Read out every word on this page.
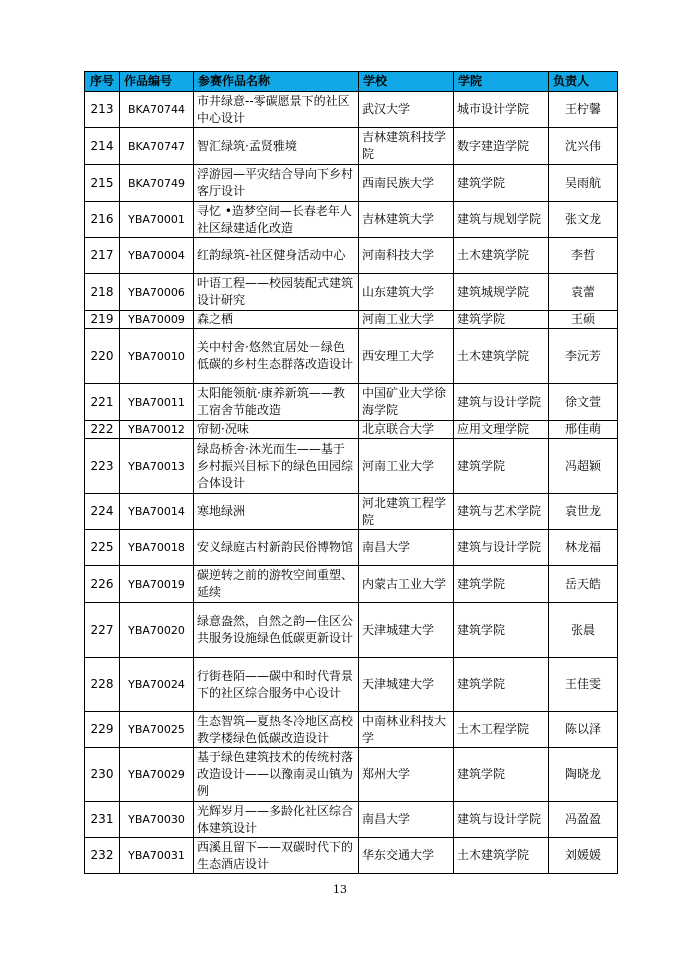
序号	作品编号	参赛作品名称	学校	学院	负责人
213	BKA70744	市井绿意--零碳愿景下的社区中心设计	武汉大学	城市设计学院	王柠馨
214	BKA70747	智汇绿筑·孟贤雅境	吉林建筑科技学院	数字建造学院	沈兴伟
215	BKA70749	浮游园—平灾结合导向下乡村客厅设计	西南民族大学	建筑学院	吴雨航
216	YBA70001	寻忆 •造梦空间—长春老年人社区绿建适化改造	吉林建筑大学	建筑与规划学院	张文龙
217	YBA70004	红韵绿筑-社区健身活动中心	河南科技大学	土木建筑学院	李哲
218	YBA70006	叶语工程——校园装配式建筑设计研究	山东建筑大学	建筑城规学院	袁蕾
219	YBA70009	森之栖	河南工业大学	建筑学院	王硕
220	YBA70010	关中村舍·悠然宜居处－绿色低碳的乡村生态群落改造设计	西安理工大学	土木建筑学院	李沅芳
221	YBA70011	太阳能领航·康养新筑——教工宿舍节能改造	中国矿业大学徐海学院	建筑与设计学院	徐文萱
222	YBA70012	帘韧·况味	北京联合大学	应用文理学院	邢佳萌
223	YBA70013	绿岛桥舍·沐光而生——基于乡村振兴目标下的绿色田园综合体设计	河南工业大学	建筑学院	冯超颖
224	YBA70014	寒地绿洲	河北建筑工程学院	建筑与艺术学院	袁世龙
225	YBA70018	安义绿庭古村新韵民俗博物馆	南昌大学	建筑与设计学院	林龙福
226	YBA70019	碳逆转之前的游牧空间重塑、延续	内蒙古工业大学	建筑学院	岳天皓
227	YBA70020	绿意盎然，自然之韵—住区公共服务设施绿色低碳更新设计	天津城建大学	建筑学院	张晨
228	YBA70024	行街巷陌——碳中和时代背景下的社区综合服务中心设计	天津城建大学	建筑学院	王佳雯
229	YBA70025	生态智筑—夏热冬冷地区高校教学楼绿色低碳改造设计	中南林业科技大学	土木工程学院	陈以泽
230	YBA70029	基于绿色建筑技术的传统村落改造设计——以豫南灵山镇为例	郑州大学	建筑学院	陶晓龙
231	YBA70030	光辉岁月——多龄化社区综合体建筑设计	南昌大学	建筑与设计学院	冯盈盈
232	YBA70031	西溪且留下——双碳时代下的生态酒店设计	华东交通大学	土木建筑学院	刘媛媛
13
